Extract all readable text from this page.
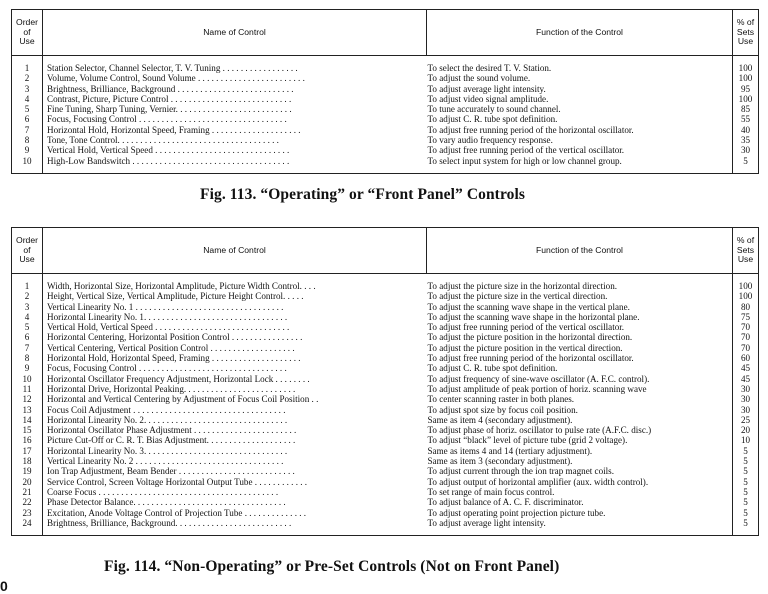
Order
of
Use	Name of Control	Function of the Control	% of
Sets
Use

1	Station Selector, Channel Selector, T. V. Tuning . . . . . . . . . . . . . . . . .	To select the desired T. V. Station.	100
2	Volume, Volume Control, Sound Volume . . . . . . . . . . . . . . . . . . . . . . . .	To adjust the sound volume.	100
3	Brightness, Brilliance, Background . . . . . . . . . . . . . . . . . . . . . . . . . .	To adjust average light intensity.	95
4	Contrast, Picture, Picture Control . . . . . . . . . . . . . . . . . . . . . . . . . . .	To adjust video signal amplitude.	100
5	Fine Tuning, Sharp Tuning, Vernier. . . . . . . . . . . . . . . . . . . . . . . . . .	To tune accurately to sound channel.	85
6	Focus, Focusing Control . . . . . . . . . . . . . . . . . . . . . . . . . . . . . . . . .	To adjust C. R. tube spot definition.	55
7	Horizontal Hold, Horizontal Speed, Framing . . . . . . . . . . . . . . . . . . . .	To adjust free running period of the horizontal oscillator.	40
8	Tone, Tone Control. . . . . . . . . . . . . . . . . . . . . . . . . . . . . . . . . . . .	To vary audio frequency response.	35
9	Vertical Hold, Vertical Speed . . . . . . . . . . . . . . . . . . . . . . . . . . . . . .	To adjust free running period of the vertical oscillator.	30
10	High-Low Bandswitch . . . . . . . . . . . . . . . . . . . . . . . . . . . . . . . . . . .	To select input system for high or low channel group.	5

Fig. 113. “Operating” or “Front Panel” Controls
Order
of
Use	Name of Control	Function of the Control	% of
Sets
Use

1	Width, Horizontal Size, Horizontal Amplitude, Picture Width Control. . . .	To adjust the picture size in the horizontal direction.	100
2	Height, Vertical Size, Vertical Amplitude, Picture Height Control. . . . .	To adjust the picture size in the vertical direction.	100
3	Vertical Linearity No. 1 . . . . . . . . . . . . . . . . . . . . . . . . . . . . . . . . .	To adjust the scanning wave shape in the vertical plane.	80
4	Horizontal Linearity No. 1. . . . . . . . . . . . . . . . . . . . . . . . . . . . . . . .	To adjust the scanning wave shape in the horizontal plane.	75
5	Vertical Hold, Vertical Speed . . . . . . . . . . . . . . . . . . . . . . . . . . . . . .	To adjust free running period of the vertical oscillator.	70
6	Horizontal Centering, Horizontal Position Control . . . . . . . . . . . . . . . .	To adjust the picture position in the horizontal direction.	70
7	Vertical Centering, Vertical Position Control . . . . . . . . . . . . . . . . . . .	To adjust the picture position in the vertical direction.	70
8	Horizontal Hold, Horizontal Speed, Framing . . . . . . . . . . . . . . . . . . . .	To adjust free running period of the horizontal oscillator.	60
9	Focus, Focusing Control . . . . . . . . . . . . . . . . . . . . . . . . . . . . . . . . .	To adjust C. R. tube spot definition.	45
10	Horizontal Oscillator Frequency Adjustment, Horizontal Lock . . . . . . . .	To adjust frequency of sine-wave oscillator (A. F.C. control).	45
11	Horizontal Drive, Horizontal Peaking. . . . . . . . . . . . . . . . . . . . . . . . .	To adjust amplitude of peak portion of horiz. scanning wave	30
12	Horizontal and Vertical Centering by Adjustment of Focus Coil Position . .	To center scanning raster in both planes.	30
13	Focus Coil Adjustment . . . . . . . . . . . . . . . . . . . . . . . . . . . . . . . . . .	To adjust spot size by focus coil position.	30
14	Horizontal Linearity No. 2. . . . . . . . . . . . . . . . . . . . . . . . . . . . . . . .	Same as item 4 (secondary adjustment).	25
15	Horizontal Oscillator Phase Adjustment . . . . . . . . . . . . . . . . . . . . . . .	To adjust phase of horiz. oscillator to pulse rate (A.F.C. disc.)	20
16	Picture Cut-Off or C. R. T. Bias Adjustment. . . . . . . . . . . . . . . . . . . .	To adjust “black” level of picture tube (grid 2 voltage).	10
17	Horizontal Linearity No. 3. . . . . . . . . . . . . . . . . . . . . . . . . . . . . . . .	Same as items 4 and 14 (tertiary adjustment).	5
18	Vertical Linearity No. 2 . . . . . . . . . . . . . . . . . . . . . . . . . . . . . . . . .	Same as item 3 (secondary adjustment).	5
19	Ion Trap Adjustment, Beam Bender . . . . . . . . . . . . . . . . . . . . . . . . . .	To adjust current through the ion trap magnet coils.	5
20	Service Control, Screen Voltage Horizontal Output Tube . . . . . . . . . . . .	To adjust output of horizontal amplifier (aux. width control).	5
21	Coarse Focus . . . . . . . . . . . . . . . . . . . . . . . . . . . . . . . . . . . . . . . .	To set range of main focus control.	5
22	Phase Detector Balance. . . . . . . . . . . . . . . . . . . . . . . . . . . . . . . . . .	To adjust balance of A. C. F. discriminator.	5
23	Excitation, Anode Voltage Control of Projection Tube . . . . . . . . . . . . . .	To adjust operating point projection picture tube.	5
24	Brightness, Brilliance, Background. . . . . . . . . . . . . . . . . . . . . . . . . .	To adjust average light intensity.	5

Fig. 114. “Non-Operating” or Pre-Set Controls (Not on Front Panel)
0
